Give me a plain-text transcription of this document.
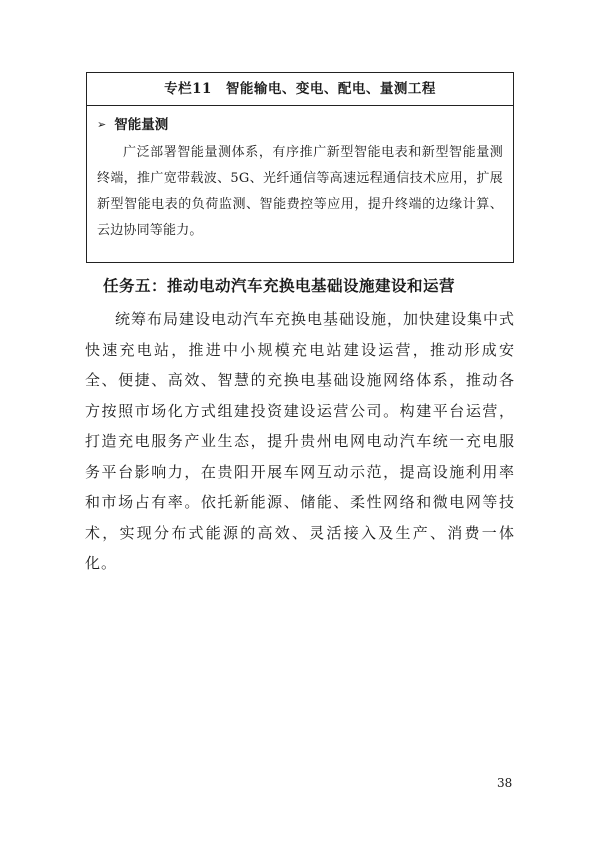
专栏11　智能输电、变电、配电、量测工程
➢ 智能量测
广泛部署智能量测体系，有序推广新型智能电表和新型智能量测终端，推广宽带载波、5G、光纤通信等高速远程通信技术应用，扩展新型智能电表的负荷监测、智能费控等应用，提升终端的边缘计算、云边协同等能力。
任务五：推动电动汽车充换电基础设施建设和运营
统筹布局建设电动汽车充换电基础设施，加快建设集中式快速充电站，推进中小规模充电站建设运营，推动形成安全、便捷、高效、智慧的充换电基础设施网络体系，推动各方按照市场化方式组建投资建设运营公司。构建平台运营，打造充电服务产业生态，提升贵州电网电动汽车统一充电服务平台影响力，在贵阳开展车网互动示范，提高设施利用率和市场占有率。依托新能源、储能、柔性网络和微电网等技术，实现分布式能源的高效、灵活接入及生产、消费一体化。
38
